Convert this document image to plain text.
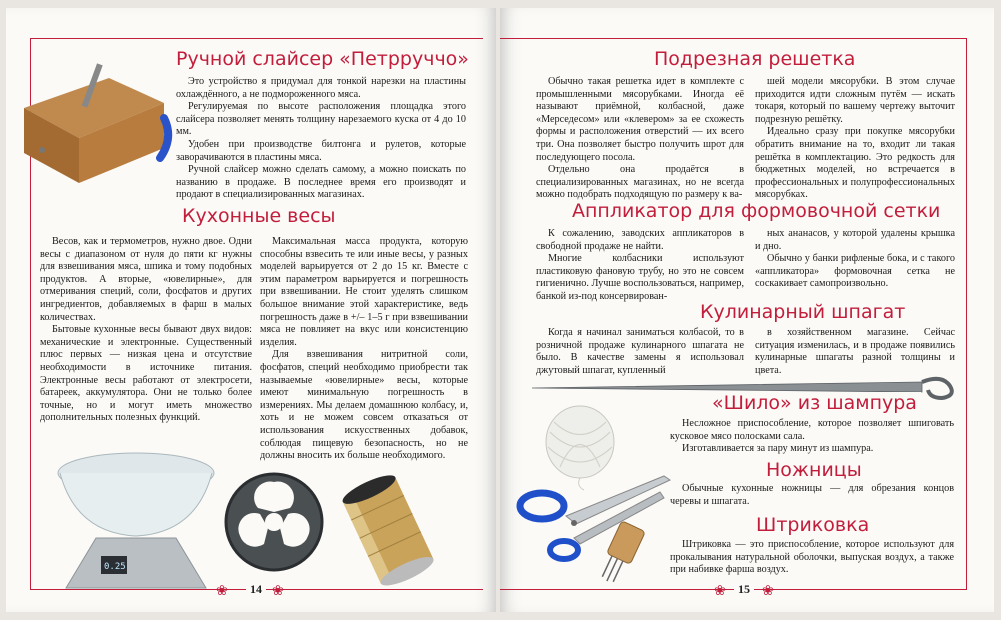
Ручной слайсер «Петрруччо»

Это устройство я придумал для тонкой нарезки на пластины охлаждённого, а не подмороженного мяса.

Регулируемая по высоте расположения площадка этого слайсера позволяет менять толщину нарезаемого куска от 4 до 10 мм.

Удобен при производстве билтонга и рулетов, которые заворачиваются в пластины мяса.

Ручной слайсер можно сделать самому, а можно поискать по названию в продаже. В последнее время его производят и продают в специализированных магазинах.

Кухонные весы

Весов, как и термометров, нужно двое. Одни весы с диапазоном от нуля до пяти кг нужны для взвешивания мяса, шпика и тому подобных продуктов. А вторые, «ювелирные», для отмеривания специй, соли, фосфатов и других ингредиентов, добавляемых в фарш в малых количествах.

Бытовые кухонные весы бывают двух видов: механические и электронные. Существенный плюс первых — низкая цена и отсутствие необходимости в источнике питания. Электронные весы работают от электросети, батареек, аккумулятора. Они не только более точные, но и могут иметь множество дополнительных полезных функций.

Максимальная масса продукта, которую способны взвесить те или иные весы, у разных моделей варьируется от 2 до 15 кг. Вместе с этим параметром варьируется и погрешность при взвешивании. Не стоит уделять слишком большое внимание этой характеристике, ведь погрешность даже в +/– 1–5 г при взвешивании мяса не повлияет на вкус или консистенцию изделия.

Для взвешивания нитритной соли, фосфатов, специй необходимо приобрести так называемые «ювелирные» весы, которые имеют минимальную погрешность в измерениях. Мы делаем домашнюю колбасу, и, хоть и не можем совсем отказаться от использования искусственных добавок, соблюдая пищевую безопасность, но не должны вносить их больше необходимого.

0.25
❀	14 ❀
Подрезная решетка

Обычно такая решетка идет в комплекте с промышленными мясорубками. Иногда её называют приёмной, колбасной, даже «Мерседесом» или «клевером» за ее схожесть формы и расположения отверстий — их всего три. Она позволяет быстро получить шрот для последующего посола.

Отдельно она продаётся в специализированных магазинах, но не всегда можно подобрать подходящую по размеру к ва-

шей модели мясорубки. В этом случае приходится идти сложным путём — искать токаря, который по вашему чертежу выточит подрезную решётку.

Идеально сразу при покупке мясорубки обратить внимание на то, входит ли такая решётка в комплектацию. Это редкость для бюджетных моделей, но встречается в профессиональных и полупрофессиональных мясорубках.

Аппликатор для формовочной сетки

К сожалению, заводских аппликаторов в свободной продаже не найти.

Многие колбасники используют пластиковую фановую трубу, но это не совсем гигиенично. Лучше воспользоваться, например, банкой из-под консервирован-

ных ананасов, у которой удалены крышка и дно.

Обычно у банки рифленые бока, и с такого «аппликатора» формовочная сетка не соскакивает самопроизвольно.

Кулинарный шпагат

Когда я начинал заниматься колбасой, то в розничной продаже кулинарного шпагата не было. В качестве замены я использовал джутовый шпагат, купленный

в хозяйственном магазине. Сейчас ситуация изменилась, и в продаже появились кулинарные шпагаты разной толщины и цвета.

«Шило» из шампура

Несложное приспособление, которое позволяет шпиговать кусковое мясо полосками сала.

Изготавливается за пару минут из шампура.

Ножницы

Обычные кухонные ножницы — для обрезания концов черевы и шпагата.

Штриковка

Штриковка — это приспособление, которое используют для прокалывания натуральной оболочки, выпуская воздух, а также при набивке фарша воздух.

❀	15 ❀
